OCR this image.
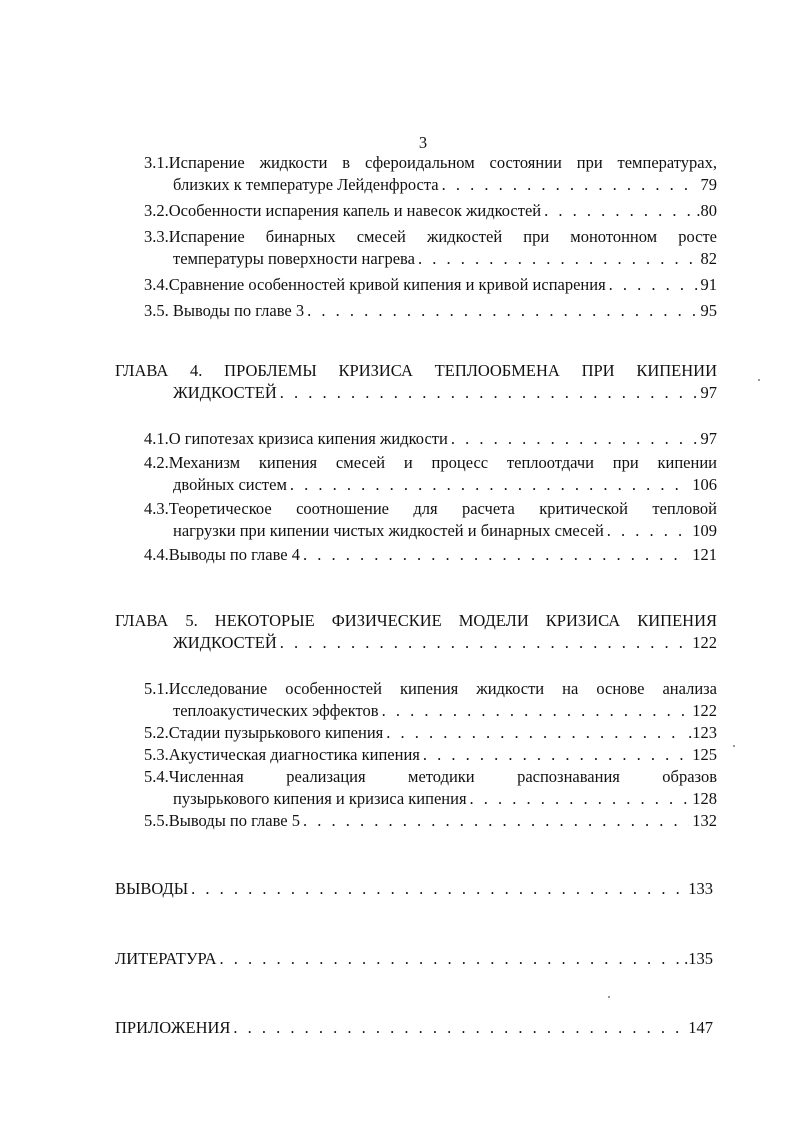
3
3.1.Испарение жидкости в сфероидальном состоянии при температурах,
близких к температуре Лейденфроста . . .	79
3.2.Особенности испарения капель и навесок жидкостей . . .	.80
3.3.Испарение бинарных смесей жидкостей при монотонном росте
температуры поверхности нагрева . . .	82
3.4.Сравнение особенностей кривой кипения и кривой испарения . . .	91
3.5. Выводы по главе 3 . . .	95
ГЛАВА 4. ПРОБЛЕМЫ КРИЗИСА ТЕПЛООБМЕНА ПРИ КИПЕНИИ
ЖИДКОСТЕЙ . . .	97
4.1.О гипотезах кризиса кипения жидкости . . .	97
4.2.Механизм кипения смесей и процесс теплоотдачи при кипении
двойных систем . . .	106
4.3.Теоретическое соотношение для расчета критической тепловой
нагрузки при кипении чистых жидкостей и бинарных смесей . . .	109
4.4.Выводы по главе 4 . . .	121
ГЛАВА 5. НЕКОТОРЫЕ ФИЗИЧЕСКИЕ МОДЕЛИ КРИЗИСА КИПЕНИЯ
ЖИДКОСТЕЙ . . .	122
5.1.Исследование особенностей кипения жидкости на основе анализа
теплоакустических эффектов . . .	122
5.2.Стадии пузырькового кипения . . .	.123
5.3.Акустическая диагностика кипения . . .	125
5.4.Численная реализация методики распознавания образов
пузырькового кипения и кризиса кипения . . .	128
5.5.Выводы по главе 5 . . .	132
ВЫВОДЫ . . .	133
ЛИТЕРАТУРА . . .	.135
ПРИЛОЖЕНИЯ . . .	147
